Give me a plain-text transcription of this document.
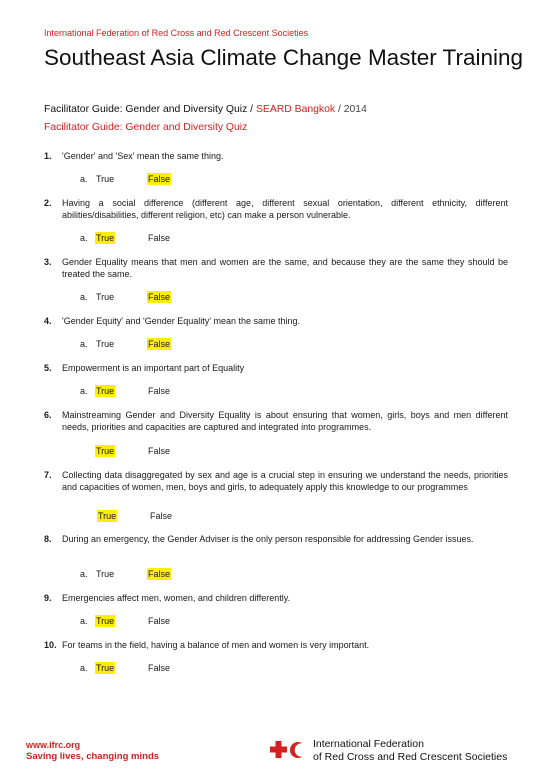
International Federation of Red Cross and Red Crescent Societies
Southeast Asia Climate Change Master Training
Facilitator Guide: Gender and Diversity Quiz / SEARD Bangkok / 2014
Facilitator Guide: Gender and Diversity Quiz
1.	'Gender' and 'Sex' mean the same thing.
a. True	False
2.	Having a social difference (different age, different sexual orientation, different ethnicity, different abilities/disabilities, different religion, etc) can make a person vulnerable.
a. True	False
3.	Gender Equality means that men and women are the same, and because they are the same they should be treated the same.
a. True	False
4.	'Gender Equity' and 'Gender Equality' mean the same thing.
a. True	False
5.	Empowerment is an important part of Equality
a. True	False
6.	Mainstreaming Gender and Diversity Equality is about ensuring that women, girls, boys and men different needs, priorities and capacities are captured and integrated into programmes.
True	False
7.	Collecting data disaggregated by sex and age is a crucial step in ensuring we understand the needs, priorities and capacities of women, men, boys and girls, to adequately apply this knowledge to our programmes
True	False
8.	During an emergency, the Gender Adviser is the only person responsible for addressing Gender issues.
a. True	False
9.	Emergencies affect men, women, and children differently.
a. True	False
10. For teams in the field, having a balance of men and women is very important.
a. True	False
www.ifrc.org
Saving lives, changing minds
International Federation
of Red Cross and Red Crescent Societies
